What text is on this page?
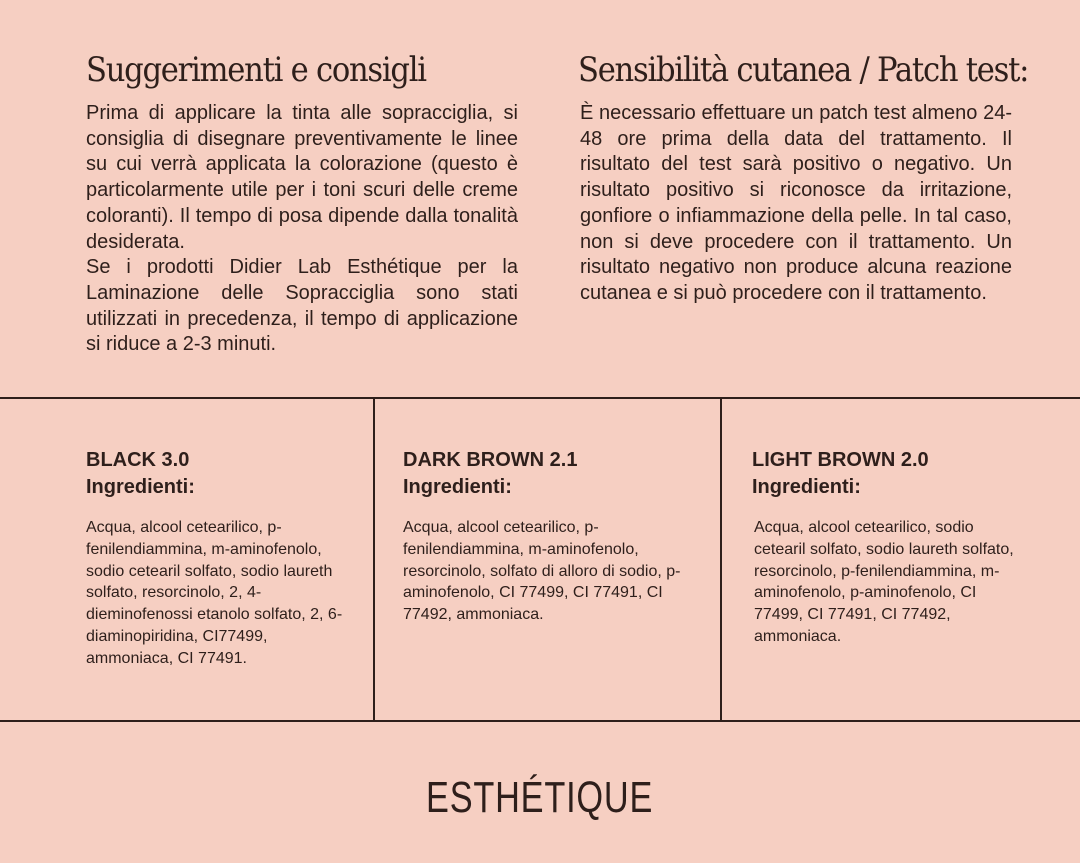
Suggerimenti e consigli

Prima di applicare la tinta alle sopracciglia, si consiglia di disegnare preventivamente le linee su cui verrà applicata la colorazione (questo è particolarmente utile per i toni scuri delle creme coloranti). Il tempo di posa dipende dalla tonalità desiderata.

Se i prodotti Didier Lab Esthétique per la Laminazione delle Sopracciglia sono stati utilizzati in precedenza, il tempo di applicazione si riduce a 2-3 minuti.

Sensibilità cutanea / Patch test:

È necessario effettuare un patch test almeno 24-48 ore prima della data del trattamento. Il risultato del test sarà positivo o negativo. Un risultato positivo si riconosce da irritazione, gonfiore o infiammazione della pelle. In tal caso, non si deve procedere con il trattamento. Un risultato negativo non produce alcuna reazione cutanea e si può procedere con il trattamento.

BLACK 3.0

Ingredienti:

Acqua, alcool cetearilico, p-fenilendiammina, m-aminofenolo, sodio cetearil solfato, sodio laureth solfato, resorcinolo, 2, 4-dieminofenossi etanolo solfato, 2, 6-diaminopiridina, CI77499, ammoniaca, CI 77491.

DARK BROWN 2.1

Ingredienti:

Acqua, alcool cetearilico, p-fenilendiammina, m-aminofenolo, resorcinolo, solfato di alloro di sodio, p-aminofenolo, CI 77499, CI 77491, CI 77492, ammoniaca.

LIGHT BROWN 2.0

Ingredienti:

Acqua, alcool cetearilico, sodio cetearil solfato, sodio laureth solfato, resorcinolo, p-fenilendiammina, m-aminofenolo, p-aminofenolo, CI 77499, CI 77491, CI 77492, ammoniaca.

ESTHÉTIQUE
